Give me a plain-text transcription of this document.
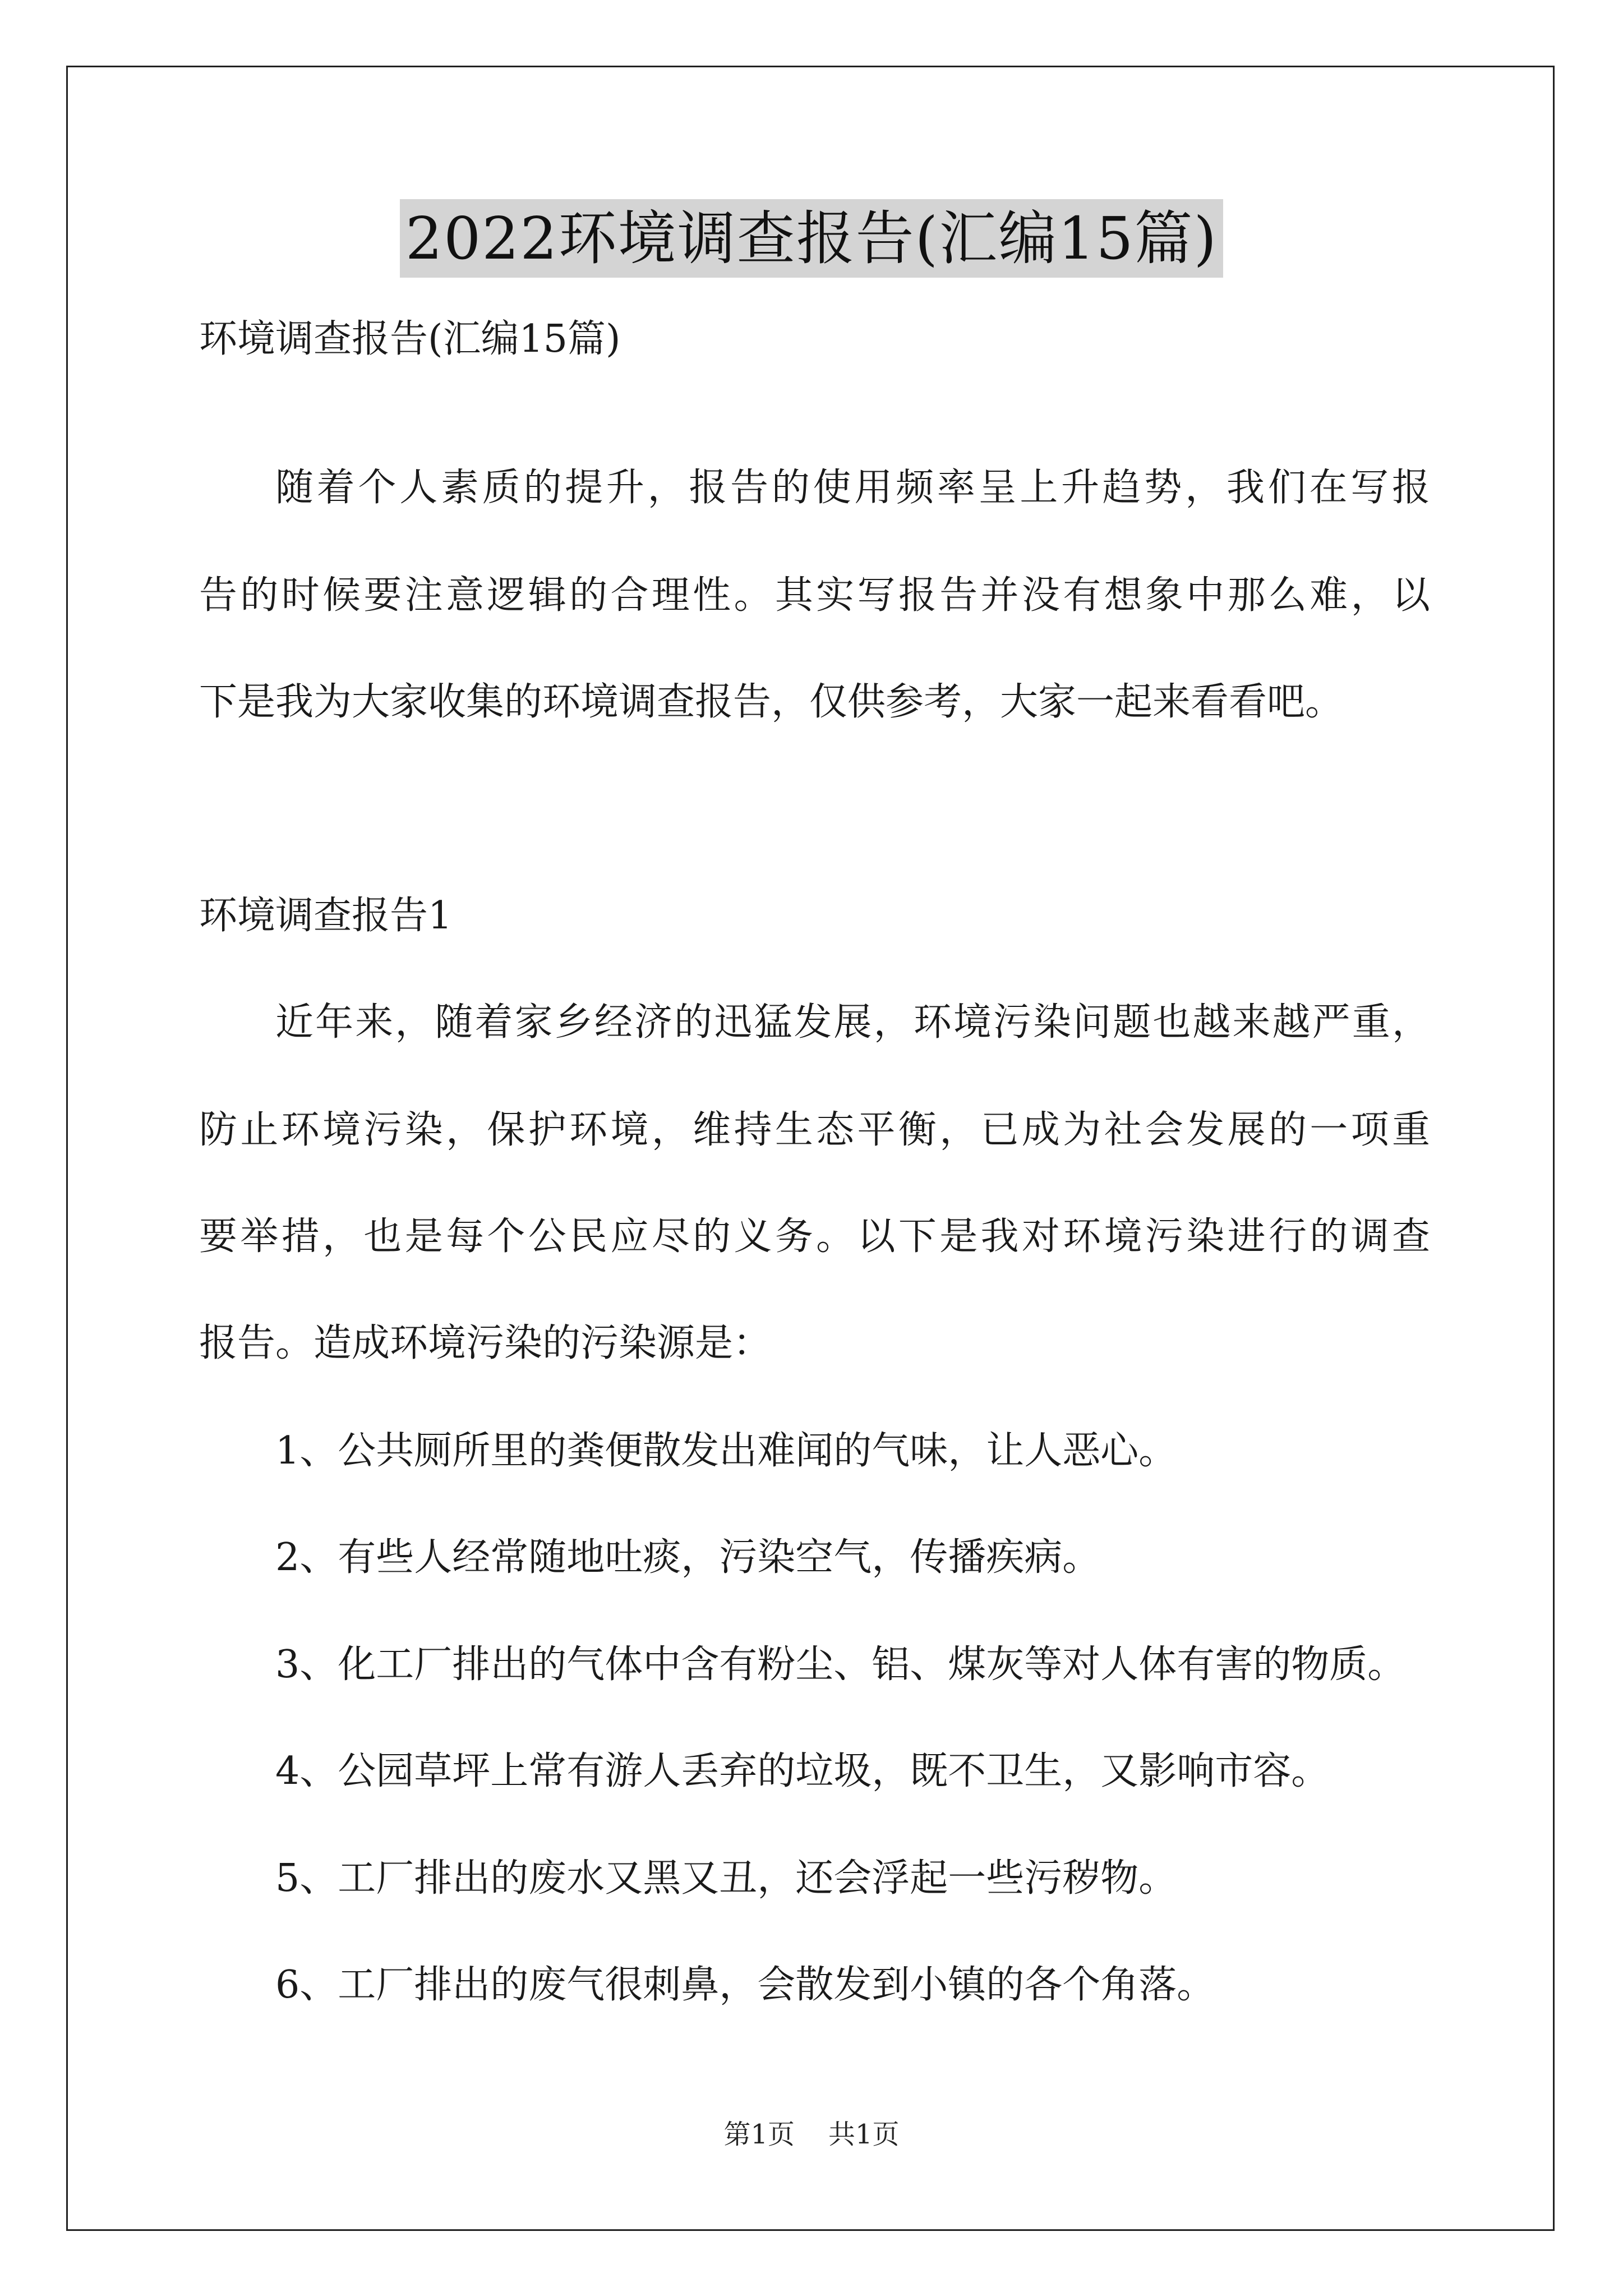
2022环境调查报告(汇编15篇)
环境调查报告(汇编15篇)
随着个人素质的提升，报告的使用频率呈上升趋势，我们在写报
告的时候要注意逻辑的合理性。其实写报告并没有想象中那么难，以
下是我为大家收集的环境调查报告，仅供参考，大家一起来看看吧。
环境调查报告1
近年来，随着家乡经济的迅猛发展，环境污染问题也越来越严重，
防止环境污染，保护环境，维持生态平衡，已成为社会发展的一项重
要举措，也是每个公民应尽的义务。以下是我对环境污染进行的调查
报告。造成环境污染的污染源是：
1、公共厕所里的粪便散发出难闻的气味，让人恶心。
2、有些人经常随地吐痰，污染空气，传播疾病。
3、化工厂排出的气体中含有粉尘、铝、煤灰等对人体有害的物质。
4、公园草坪上常有游人丢弃的垃圾，既不卫生，又影响市容。
5、工厂排出的废水又黑又丑，还会浮起一些污秽物。
6、工厂排出的废气很刺鼻，会散发到小镇的各个角落。
第1页 共1页
